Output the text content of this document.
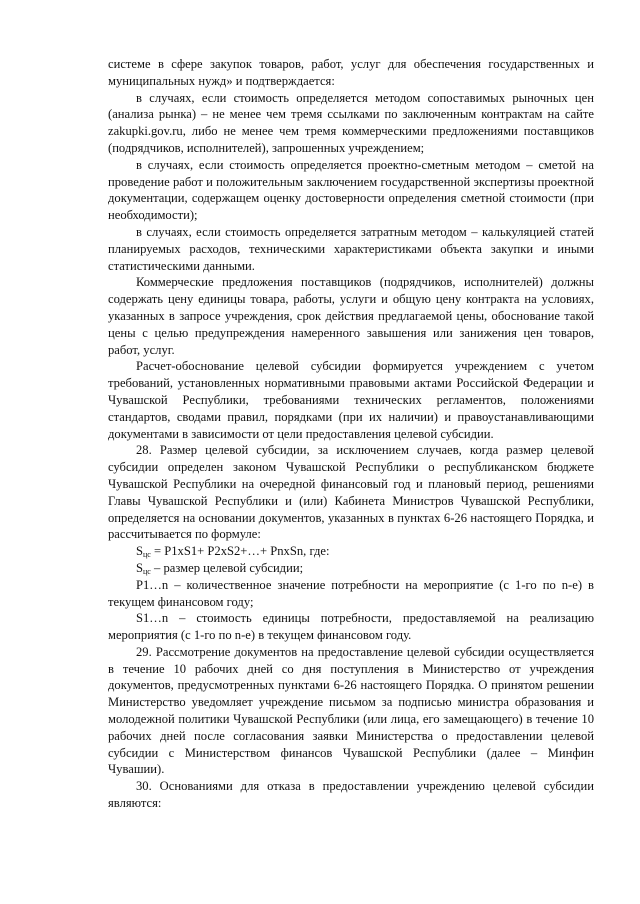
системе в сфере закупок товаров, работ, услуг для обеспечения государственных и муниципальных нужд» и подтверждается:

в случаях, если стоимость определяется методом сопоставимых рыночных цен (анализа рынка) – не менее чем тремя ссылками по заключенным контрактам на сайте zakupki.gov.ru, либо не менее чем тремя коммерческими предложениями поставщиков (подрядчиков, исполнителей), запрошенных учреждением;

в случаях, если стоимость определяется проектно-сметным методом – сметой на проведение работ и положительным заключением государственной экспертизы проектной документации, содержащем оценку достоверности определения сметной стоимости (при необходимости);

в случаях, если стоимость определяется затратным методом – калькуляцией статей планируемых расходов, техническими характеристиками объекта закупки и иными статистическими данными.

Коммерческие предложения поставщиков (подрядчиков, исполнителей) должны содержать цену единицы товара, работы, услуги и общую цену контракта на условиях, указанных в запросе учреждения, срок действия предлагаемой цены, обоснование такой цены с целью предупреждения намеренного завышения или занижения цен товаров, работ, услуг.

Расчет-обоснование целевой субсидии формируется учреждением с учетом требований, установленных нормативными правовыми актами Российской Федерации и Чувашской Республики, требованиями технических регламентов, положениями стандартов, сводами правил, порядками (при их наличии) и правоустанавливающими документами в зависимости от цели предоставления целевой субсидии.

28. Размер целевой субсидии, за исключением случаев, когда размер целевой субсидии определен законом Чувашской Республики о республиканском бюджете Чувашской Республики на очередной финансовый год и плановый период, решениями Главы Чувашской Республики и (или) Кабинета Министров Чувашской Республики, определяется на основании документов, указанных в пунктах 6-26 настоящего Порядка, и рассчитывается по формуле:

$S_{цс} = P1xS1+$ P2xS2+…+ PnxSn, где:

$S_{цс}$ – размер целевой субсидии;

P1…n – количественное значение потребности на мероприятие (с 1-го по n-е) в текущем финансовом году;

S1…n – стоимость единицы потребности, предоставляемой на реализацию мероприятия (с 1-го по n-е) в текущем финансовом году.

29. Рассмотрение документов на предоставление целевой субсидии осуществляется в течение 10 рабочих дней со дня поступления в Министерство от учреждения документов, предусмотренных пунктами 6-26 настоящего Порядка. О принятом решении Министерство уведомляет учреждение письмом за подписью министра образования и молодежной политики Чувашской Республики (или лица, его замещающего) в течение 10 рабочих дней после согласования заявки Министерства о предоставлении целевой субсидии с Министерством финансов Чувашской Республики (далее – Минфин Чувашии).

30. Основаниями для отказа в предоставлении учреждению целевой субсидии являются:
